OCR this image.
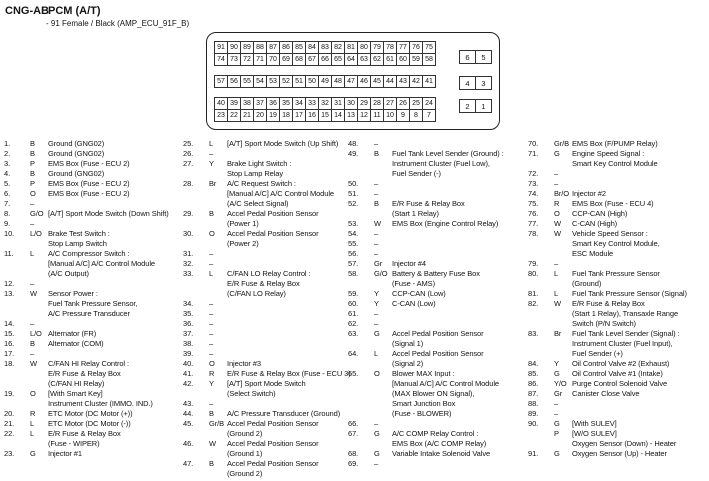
CNG-AB PCM (A/T)
- 91 Female / Black (AMP_ECU_91F_B)
6	5
4	3
2	1
91 90 89 88 87 86 85 84 83 82 81 80 79 78 77 76 75
74 73 72 71 70 69 68 67 66 65 64 63 62 61 60 59 58
57 56 55 54 53 52 51 50 49 48 47 46 45 44 43 42 41
40 39 38 37 36 35 34 33 32 31 30 29 28 27 26 25 24
23 22 21 20 19 18 17 16 15 14 13 12 11 10	9	8	7
1.	B	Ground (GNG02)
2.	B	Ground (GNG02)
3.	P	EMS Box (Fuse - ECU 2)
4.	B	Ground (GNG02)
5.	P	EMS Box (Fuse - ECU 2)
6.	O	EMS Box (Fuse - ECU 2)
7.	–
8.	G/O [A/T] Sport Mode Switch (Down Shift)
9.	–
10.	L/O Brake Test Switch :
Stop Lamp Switch
11.	L	A/C Compressor Switch :
[Manual A/C] A/C Control Module
(A/C Output)
12.	–
13.	W	Sensor Power :
Fuel Tank Pressure Sensor,
A/C Pressure Transducer
14.	–
15.	L/O Alternator (FR)
16.	B	Alternator (COM)
17.	–
18.	W	C/FAN HI Relay Control :
E/R Fuse & Relay Box
(C/FAN HI Relay)
19.	O	[With Smart Key]
Instrument Cluster (IMMO. IND.)
20.	R	ETC Motor (DC Motor (+))
21.	L	ETC Motor (DC Motor (-))
22.	L	E/R Fuse & Relay Box
(Fuse - WIPER)
23.	G	Injector #1
25.	L	[A/T] Sport Mode Switch (Up Shift)
26.	–
27.	Y	Brake Light Switch :
Stop Lamp Relay
28.	Br	A/C Request Switch :
[Manual A/C] A/C Control Module
(A/C Select Signal)
29.	B	Accel Pedal Position Sensor
(Power 1)
30.	O	Accel Pedal Position Sensor
(Power 2)
31.	–
32.	–
33.	L	C/FAN LO Relay Control :
E/R Fuse & Relay Box
(C/FAN LO Relay)
34.	–
35.	–
36.	–
37.	–
38.	–
39.	–
40.	O	Injector #3
41.	R	E/R Fuse & Relay Box (Fuse - ECU 3)
42.	Y	[A/T] Sport Mode Switch
(Select Switch)
43.	–
44.	B	A/C Pressure Transducer (Ground)
45.	Gr/B Accel Pedal Position Sensor
(Ground 2)
46.	W	Accel Pedal Position Sensor
(Ground 1)
47.	B	Accel Pedal Position Sensor
(Ground 2)
48.	–
49.	B	Fuel Tank Level Sender (Ground) :
Instrument Cluster (Fuel Low),
Fuel Sender (-)
50.	–
51.	–
52.	B	E/R Fuse & Relay Box
(Start 1 Relay)
53.	W	EMS Box (Engine Control Relay)
54.	–
55.	–
56.	–
57.	Gr	Injector #4
58.	G/O Battery & Battery Fuse Box
(Fuse - AMS)
59.	Y	CCP-CAN (Low)
60.	Y	C-CAN (Low)
61.	–
62.	–
63.	G	Accel Pedal Position Sensor
(Signal 1)
64.	L	Accel Pedal Position Sensor
(Signal 2)
65.	O	Blower MAX Input :
[Manual A/C] A/C Control Module
(MAX Blower ON Signal),
Smart Junction Box
(Fuse - BLOWER)
66.	–
67.	G	A/C COMP Relay Control :
EMS Box (A/C COMP Relay)
68.	G	Variable Intake Solenoid Valve
69.	–
70.	Gr/B EMS Box (F/PUMP Relay)
71.	G	Engine Speed Signal :
Smart Key Control Module
72.	–
73.	–
74.	Br/O Injector #2
75.	R	EMS Box (Fuse - ECU 4)
76.	O	CCP-CAN (High)
77.	W	C-CAN (High)
78.	W	Vehicle Speed Sensor :
Smart Key Control Module,
ESC Module
79.	–
80.	L	Fuel Tank Pressure Sensor
(Ground)
81.	L	Fuel Tank Pressure Sensor (Signal)
82.	W	E/R Fuse & Relay Box
(Start 1 Relay), Transaxle Range
Switch (P/N Switch)
83.	Br	Fuel Tank Level Sender (Signal) :
Instrument Cluster (Fuel Input),
Fuel Sender (+)
84.	Y	Oil Control Valve #2 (Exhaust)
85.	G	Oil Control Valve #1 (Intake)
86.	Y/O Purge Control Solenoid Valve
87.	Gr	Canister Close Valve
88.	–
89.	–
90.	G	[With SULEV]
P	[W/O SULEV]
Oxygen Sensor (Down) - Heater
91.	G	Oxygen Sensor (Up) - Heater
